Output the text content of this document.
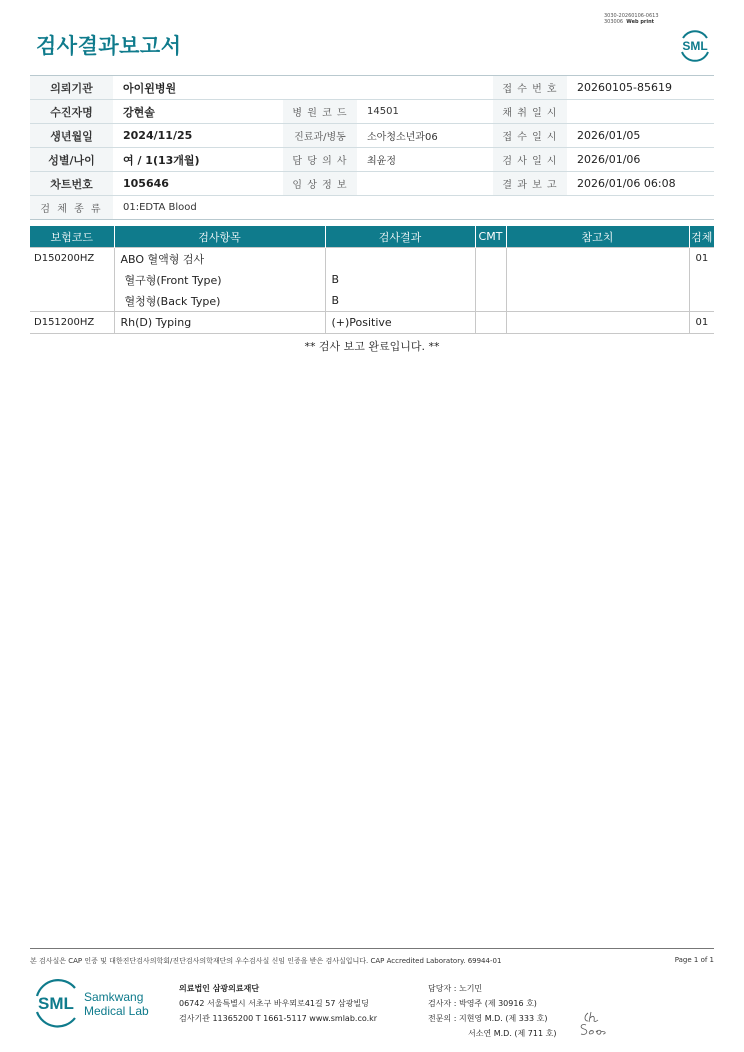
검사결과보고서
3030-20260106-0613
303006 Web print
SML
의뢰기관	아이윈병원			접 수 번 호	20260105-85619
수진자명	강현솔	병 원 코 드	14501	채 취 일 시	
생년월일	2024/11/25	진료과/병동	소아청소년과06	접 수 일 시	2026/01/05
성별/나이	여 / 1(13개월)	담 당 의 사	최윤정	검 사 일 시	2026/01/06
차트번호	105646	임 상 정 보		결 과 보 고	2026/01/06 06:08
검 체 종 류	01:EDTA Blood				
보험코드	검사항목	검사결과	CMT	참고치	검체
D150200HZ	ABO 혈액형 검사				01
	혈구형(Front Type)	B			
	혈청형(Back Type)	B			
D151200HZ	Rh(D) Typing	(+)Positive			01
** 검사 보고 완료입니다. **
본 검사실은 CAP 인증 및 대한진단검사의학회/진단검사의학재단의 우수검사실 신임 인증을 받은 검사실입니다. CAP Accredited Laboratory. 69944-01	Page 1 of 1
SML Samkwang
Medical Lab
의료법인 삼광의료재단
06742 서울특별시 서초구 바우뫼로41길 57 삼광빌딩
검사기관 11365200 T 1661-5117 www.smlab.co.kr
담당자 : 노기민
검사자 : 박영주 (제 30916 호)
전문의 : 지현영 M.D. (제 333 호)
서소연 M.D. (제 711 호)
